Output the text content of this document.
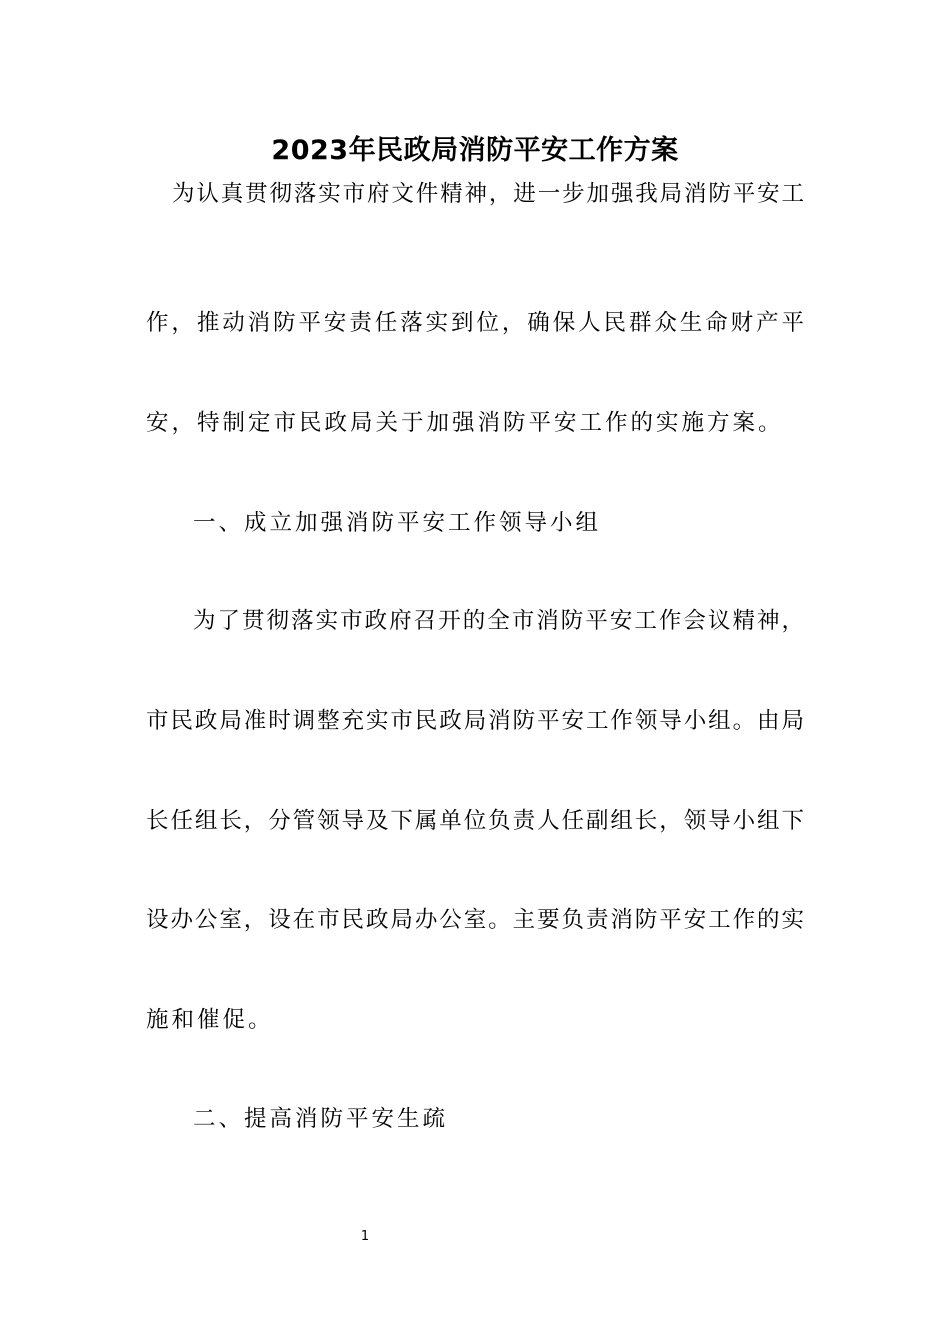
2023年民政局消防平安工作方案
为认真贯彻落实市府文件精神，进一步加强我局消防平安工
作，推动消防平安责任落实到位，确保人民群众生命财产平
安，特制定市民政局关于加强消防平安工作的实施方案。
一、成立加强消防平安工作领导小组
为了贯彻落实市政府召开的全市消防平安工作会议精神，
市民政局准时调整充实市民政局消防平安工作领导小组。由局
长任组长，分管领导及下属单位负责人任副组长，领导小组下
设办公室，设在市民政局办公室。主要负责消防平安工作的实
施和催促。
二、提高消防平安生疏
1
